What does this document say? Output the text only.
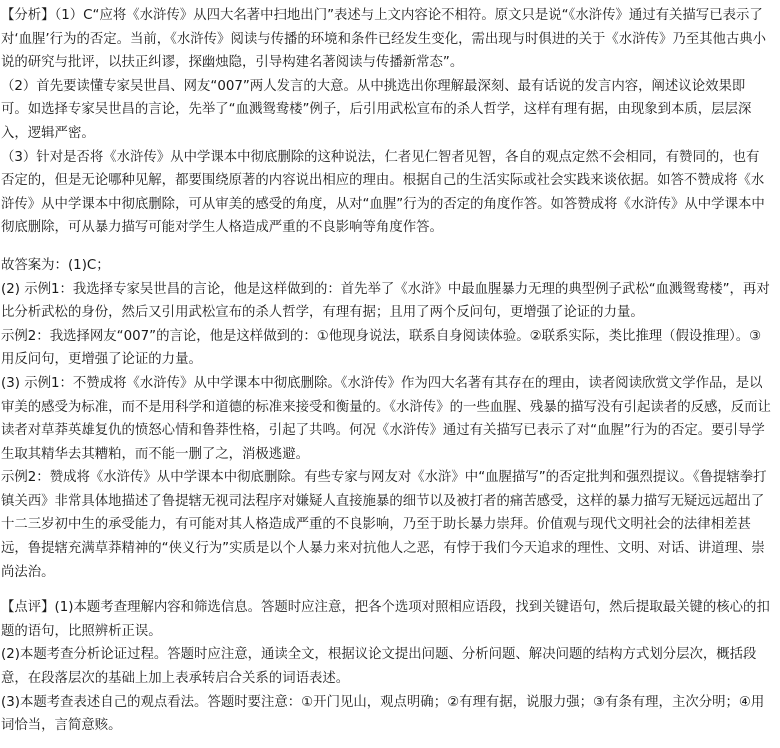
【分析】（1）C“应将《水浒传》从四大名著中扫地出门”表述与上文内容论不相符。原文只是说“《水浒传》通过有关描写已表示了对‘血腥’行为的否定。当前，《水浒传》阅读与传播的环境和条件已经发生变化，需出现与时俱进的关于《水浒传》乃至其他古典小说的研究与批评，以扶正纠谬，探幽烛隐，引导构建名著阅读与传播新常态”。

（2）首先要读懂专家吴世昌、网友“007”两人发言的大意。从中挑选出你理解最深刻、最有话说的发言内容，阐述议论效果即可。如选择专家吴世昌的言论，先举了“血溅鸳鸯楼”例子，后引用武松宣布的杀人哲学，这样有理有据，由现象到本质，层层深入，逻辑严密。

（3）针对是否将《水浒传》从中学课本中彻底删除的这种说法，仁者见仁智者见智，各自的观点定然不会相同，有赞同的，也有否定的，但是无论哪种见解，都要围绕原著的内容说出相应的理由。根据自己的生活实际或社会实践来谈依据。如答不赞成将《水浒传》从中学课本中彻底删除，可从审美的感受的角度，从对“血腥”行为的否定的角度作答。如答赞成将《水浒传》从中学课本中彻底删除，可从暴力描写可能对学生人格造成严重的不良影响等角度作答。

故答案为：(1)C；

(2) 示例1：我选择专家吴世昌的言论，他是这样做到的：首先举了《水浒》中最血腥暴力无理的典型例子武松“血溅鸳鸯楼”，再对比分析武松的身份，然后又引用武松宣布的杀人哲学，有理有据；且用了两个反问句，更增强了论证的力量。

示例2：我选择网友“007”的言论，他是这样做到的：①他现身说法，联系自身阅读体验。②联系实际，类比推理（假设推理）。③用反问句，更增强了论证的力量。

(3) 示例1：不赞成将《水浒传》从中学课本中彻底删除。《水浒传》作为四大名著有其存在的理由，读者阅读欣赏文学作品，是以审美的感受为标准，而不是用科学和道德的标准来接受和衡量的。《水浒传》的一些血腥、残暴的描写没有引起读者的反感，反而让读者对草莽英雄复仇的愤怒心情和鲁莽性格，引起了共鸣。何况《水浒传》通过有关描写已表示了对“血腥”行为的否定。要引导学生取其精华去其糟粕，而不能一删了之，消极逃避。

示例2：赞成将《水浒传》从中学课本中彻底删除。有些专家与网友对《水浒》中“血腥描写”的否定批判和强烈提议。《鲁提辖拳打镇关西》非常具体地描述了鲁提辖无视司法程序对嫌疑人直接施暴的细节以及被打者的痛苦感受，这样的暴力描写无疑远远超出了十二三岁初中生的承受能力，有可能对其人格造成严重的不良影响，乃至于助长暴力崇拜。价值观与现代文明社会的法律相差甚远，鲁提辖充满草莽精神的“侠义行为”实质是以个人暴力来对抗他人之恶，有悖于我们今天追求的理性、文明、对话、讲道理、崇尚法治。

【点评】(1)本题考查理解内容和筛选信息。答题时应注意，把各个选项对照相应语段，找到关键语句，然后提取最关键的核心的扣题的语句，比照辨析正误。

(2)本题考查分析论证过程。答题时应注意，通读全文，根据议论文提出问题、分析问题、解决问题的结构方式划分层次，概括段意，在段落层次的基础上加上表承转启合关系的词语表述。

(3)本题考查表述自己的观点看法。答题时要注意：①开门见山，观点明确；②有理有据，说服力强；③有条有理，主次分明；④用词恰当，言简意赅。
